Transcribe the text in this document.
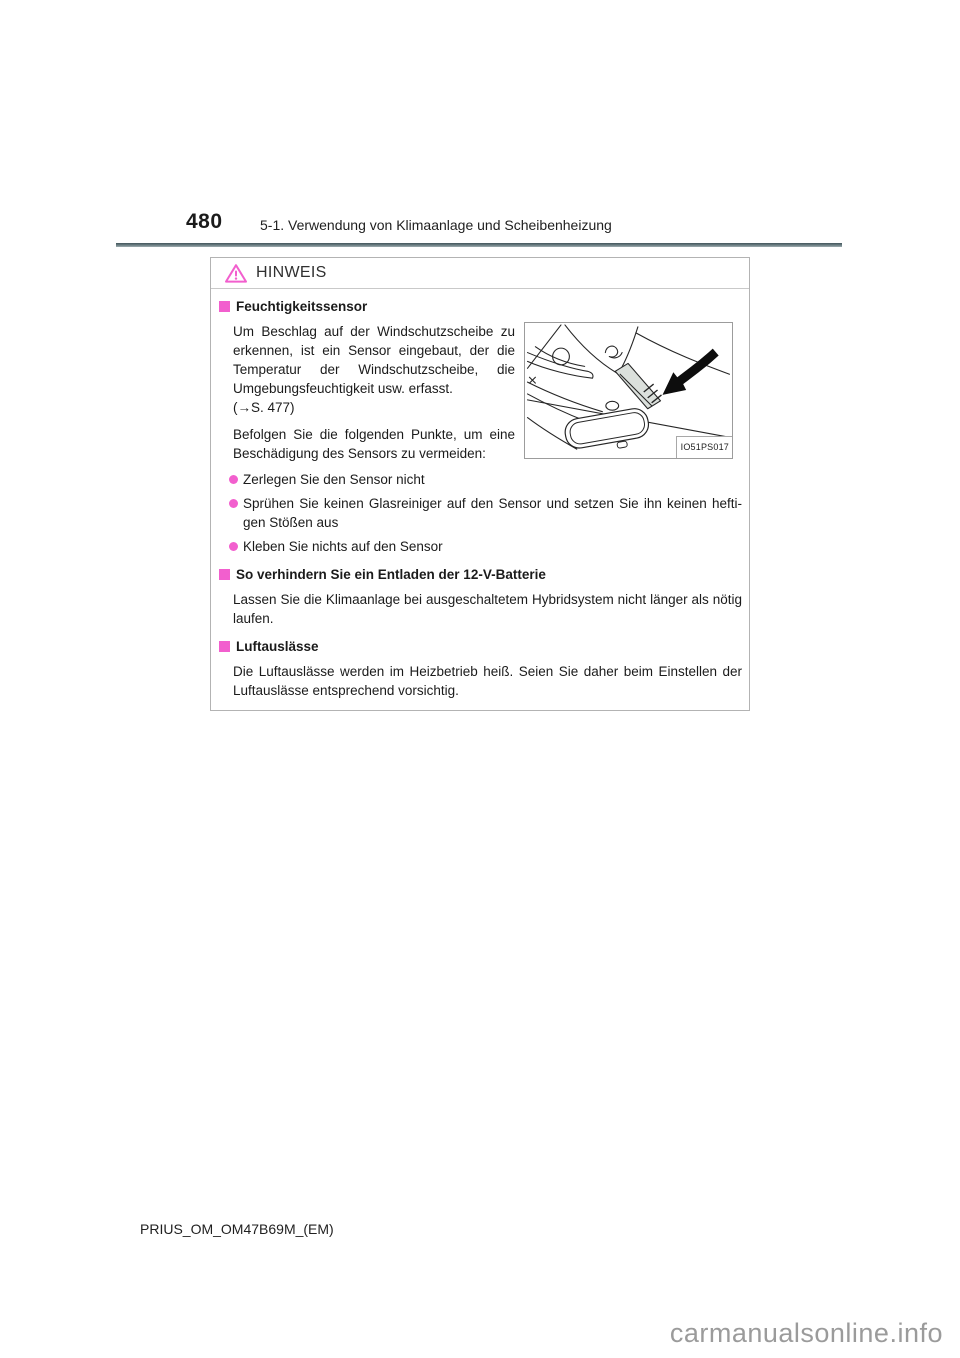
480	5-1. Verwendung von Klimaanlage und Scheibenheizung
HINWEIS
Feuchtigkeitssensor

Um Beschlag auf der Windschutzscheibe zu erkennen, ist ein Sensor eingebaut, der die Temperatur der Windschutzscheibe, die Umgebungsfeuchtigkeit usw. erfasst.

(→S. 477)

Befolgen Sie die folgenden Punkte, um eine Beschädigung des Sensors zu vermeiden:	IO51PS017
Zerlegen Sie den Sensor nicht
Sprühen Sie keinen Glasreiniger auf den Sensor und setzen Sie ihn keinen heftigen Stößen aus
Kleben Sie nichts auf den Sensor
So verhindern Sie ein Entladen der 12-V-Batterie

Lassen Sie die Klimaanlage bei ausgeschaltetem Hybridsystem nicht länger als nötig laufen.

Luftauslässe

Die Luftauslässe werden im Heizbetrieb heiß. Seien Sie daher beim Einstellen der Luftauslässe entsprechend vorsichtig.

PRIUS_OM_OM47B69M_(EM)
carmanualsonline.info
